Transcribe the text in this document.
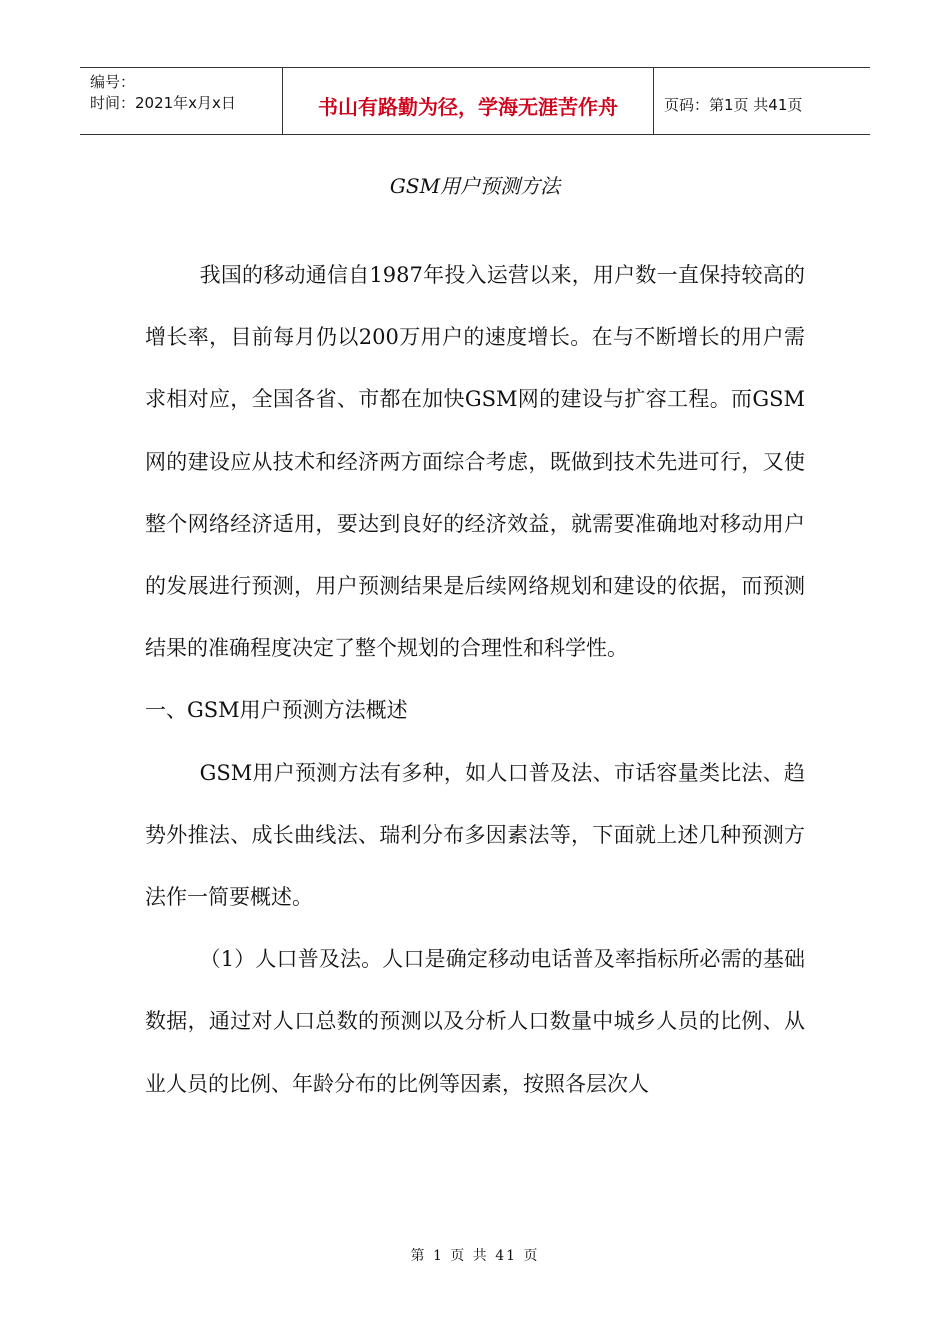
编号：
时间：2021年x月x日	书山有路勤为径，学海无涯苦作舟	页码：第1页 共41页
GSM用户预测方法

我国的移动通信自1987年投入运营以来，用户数一直保持较高的增长率，目前每月仍以200万用户的速度增长。在与不断增长的用户需求相对应，全国各省、市都在加快GSM网的建设与扩容工程。而GSM网的建设应从技术和经济两方面综合考虑，既做到技术先进可行，又使整个网络经济适用，要达到良好的经济效益，就需要准确地对移动用户的发展进行预测，用户预测结果是后续网络规划和建设的依据，而预测结果的准确程度决定了整个规划的合理性和科学性。

一、GSM用户预测方法概述

GSM用户预测方法有多种，如人口普及法、市话容量类比法、趋势外推法、成长曲线法、瑞利分布多因素法等，下面就上述几种预测方法作一简要概述。

（1）人口普及法。人口是确定移动电话普及率指标所必需的基础数据，通过对人口总数的预测以及分析人口数量中城乡人员的比例、从业人员的比例、年龄分布的比例等因素，按照各层次人

第 1 页 共 41 页
